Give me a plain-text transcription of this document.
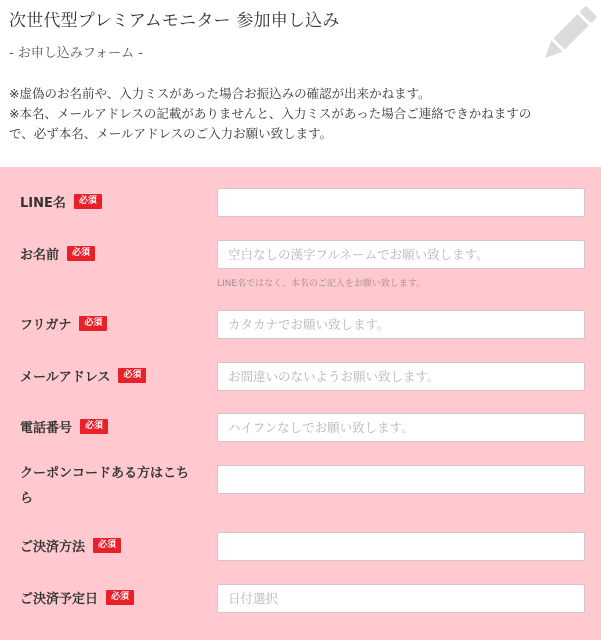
次世代型プレミアムモニター 参加申し込み
- お申し込みフォーム -
※虚偽のお名前や、入力ミスがあった場合お振込みの確認が出来かねます。
※本名、メールアドレスの記載がありませんと、入力ミスがあった場合ご連絡できかねますの
で、必ず本名、メールアドレスのご入力お願い致します。
LINE名	必須
お名前	必須
空白なしの漢字フルネームでお願い致します。
LINE名ではなく、本名のご記入をお願い致します。
フリガナ	必須
カタカナでお願い致します。
メールアドレス	必須
お間違いのないようお願い致します。
電話番号	必須
ハイフンなしでお願い致します。
クーポンコードある方はこちら
ご決済方法	必須
ご決済予定日	必須
日付選択
